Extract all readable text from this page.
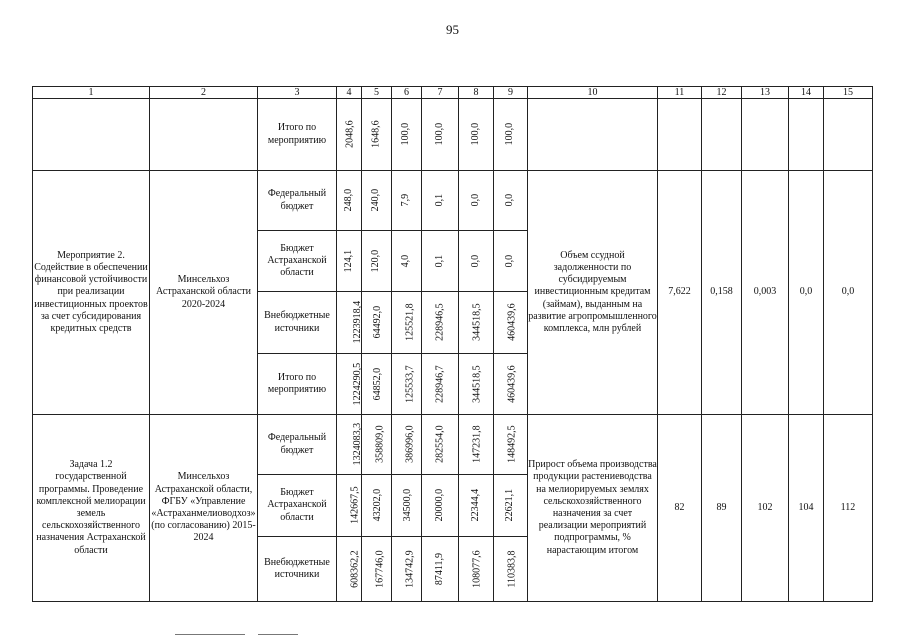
95
1	2	3	4	5	6	7	8	9	10	11	12	13	14	15
		Итого по мероприятию	2048,6	1648,6	100,0	100,0	100,0	100,0						
Мероприятие 2. Содействие в обеспечении финансовой устойчивости при реализации инвестиционных проектов за счет субсидирования кредитных средств	Минсельхоз Астраханской области 2020-2024	Федеральный бюджет	248,0	240,0	7,9	0,1	0,0	0,0	Объем ссудной задолженности по субсидируемым инвестиционным кредитам (займам), выданным на развитие агропромышленного комплекса, млн рублей	7,622	0,158	0,003	0,0	0,0
		Бюджет Астраханской области	124,1	120,0	4,0	0,1	0,0	0,0						
		Внебюджетные источники	1223918,4	64492,0	125521,8	228946,5	344518,5	460439,6						
		Итого по мероприятию	1224290,5	64852,0	125533,7	228946,7	344518,5	460439,6						
Задача 1.2 государственной программы. Проведение комплексной мелиорации земель сельскохозяйственного назначения Астраханской области	Минсельхоз Астраханской области, ФГБУ «Управление «Астраханмелиоводхоз» (по согласованию) 2015-2024	Федеральный бюджет	1324083,3	358809,0	386996,0	282554,0	147231,8	148492,5	Прирост объема производства продукции растениеводства на мелиорируемых землях сельскохозяйственного назначения за счет реализации мероприятий подпрограммы, % нарастающим итогом	82	89	102	104	112
		Бюджет Астраханской области	142667,5	43202,0	34500,0	20000,0	22344,4	22621,1						
		Внебюджетные источники	608362,2	167746,0	134742,9	87411,9	108077,6	110383,8						
